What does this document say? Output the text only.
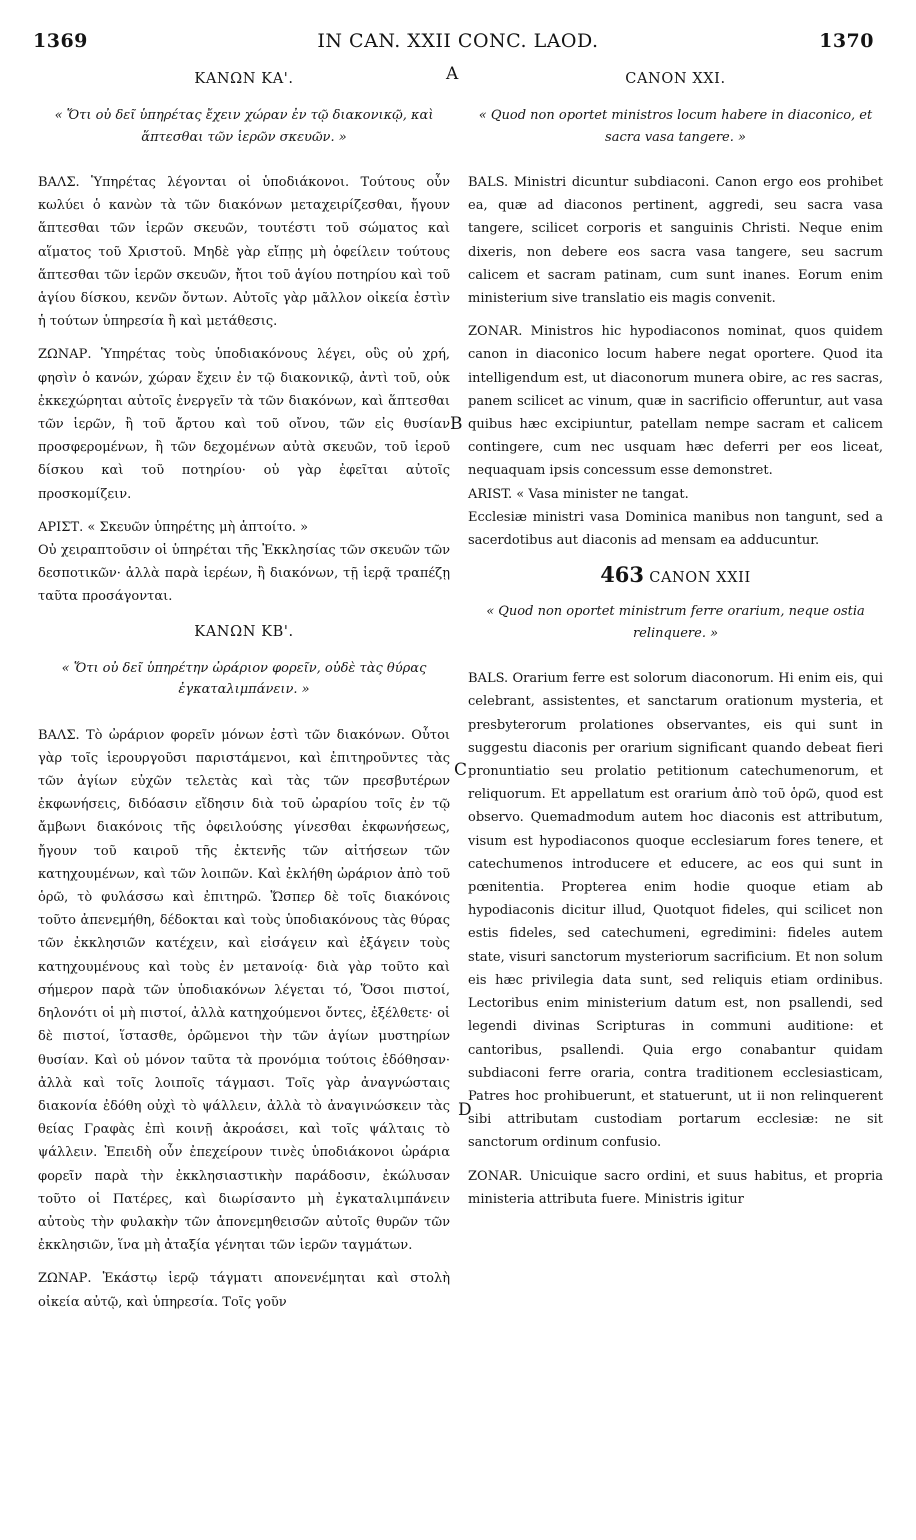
1369	IN CAN. XXII CONC. LAOD.	1370
A
B
C
D
ΚΑΝΩΝ ΚΑ'.

« Ὅτι οὐ δεῖ ὑπηρέτας ἔχειν χώραν ἐν τῷ διακονικῷ, καὶ ἅπτεσθαι τῶν ἱερῶν σκευῶν. »

ΒΑΛΣ. Ὑπηρέτας λέγονται οἱ ὑποδιάκονοι. Τούτους οὖν κωλύει ὁ κανὼν τὰ τῶν διακόνων μεταχειρίζεσθαι, ἤγουν ἅπτεσθαι τῶν ἱερῶν σκευῶν, τουτέστι τοῦ σώματος καὶ αἵματος τοῦ Χριστοῦ. Μηδὲ γὰρ εἴπῃς μὴ ὀφείλειν τούτους ἅπτεσθαι τῶν ἱερῶν σκευῶν, ἤτοι τοῦ ἁγίου ποτηρίου καὶ τοῦ ἁγίου δίσκου, κενῶν ὄντων. Αὐτοῖς γὰρ μᾶλλον οἰκεία ἐστὶν ἡ τούτων ὑπηρεσία ἢ καὶ μετάθεσις.

ΖΩΝΑΡ. Ὑπηρέτας τοὺς ὑποδιακόνους λέγει, οὓς οὐ χρή, φησὶν ὁ κανών, χώραν ἔχειν ἐν τῷ διακονικῷ, ἀντὶ τοῦ, οὐκ ἐκκεχώρηται αὐτοῖς ἐνεργεῖν τὰ τῶν διακόνων, καὶ ἅπτεσθαι τῶν ἱερῶν, ἢ τοῦ ἄρτου καὶ τοῦ οἴνου, τῶν εἰς θυσίαν προσφερομένων, ἢ τῶν δεχομένων αὐτὰ σκευῶν, τοῦ ἱεροῦ δίσκου καὶ τοῦ ποτηρίου· οὐ γὰρ ἐφεῖται αὐτοῖς προσκομίζειν.

ΑΡΙΣΤ. « Σκευῶν ὑπηρέτης μὴ ἁπτοίτο. »

Οὐ χειραπτοῦσιν οἱ ὑπηρέται τῆς Ἐκκλησίας τῶν σκευῶν τῶν δεσποτικῶν· ἀλλὰ παρὰ ἱερέων, ἢ διακόνων, τῇ ἱερᾷ τραπέζῃ ταῦτα προσάγονται.

ΚΑΝΩΝ ΚΒ'.

« Ὅτι οὐ δεῖ ὑπηρέτην ὠράριον φορεῖν, οὐδὲ τὰς θύρας ἐγκαταλιμπάνειν. »

ΒΑΛΣ. Τὸ ὠράριον φορεῖν μόνων ἐστὶ τῶν διακόνων. Οὗτοι γὰρ τοῖς ἱερουργοῦσι παριστάμενοι, καὶ ἐπιτηροῦντες τὰς τῶν ἁγίων εὐχῶν τελετὰς καὶ τὰς τῶν πρεσβυτέρων ἐκφωνήσεις, διδόασιν εἴδησιν διὰ τοῦ ὠραρίου τοῖς ἐν τῷ ἄμβωνι διακόνοις τῆς ὀφειλούσης γίνεσθαι ἐκφωνήσεως, ἤγουν τοῦ καιροῦ τῆς ἐκτενῆς τῶν αἰτήσεων τῶν κατηχουμένων, καὶ τῶν λοιπῶν. Καὶ ἐκλήθη ὠράριον ἀπὸ τοῦ ὁρῶ, τὸ φυλάσσω καὶ ἐπιτηρῶ. Ὥσπερ δὲ τοῖς διακόνοις τοῦτο ἀπενεμήθη, δέδοκται καὶ τοὺς ὑποδιακόνους τὰς θύρας τῶν ἐκκλησιῶν κατέχειν, καὶ εἰσάγειν καὶ ἐξάγειν τοὺς κατηχουμένους καὶ τοὺς ἐν μετανοίᾳ· διὰ γὰρ τοῦτο καὶ σήμερον παρὰ τῶν ὑποδιακόνων λέγεται τό, Ὅσοι πιστοί, δηλονότι οἱ μὴ πιστοί, ἀλλὰ κατηχούμενοι ὄντες, ἐξέλθετε· οἱ δὲ πιστοί, ἵστασθε, ὁρῶμενοι τὴν τῶν ἁγίων μυστηρίων θυσίαν. Καὶ οὐ μόνον ταῦτα τὰ προνόμια τούτοις ἐδόθησαν· ἀλλὰ καὶ τοῖς λοιποῖς τάγμασι. Τοῖς γὰρ ἀναγνώσταις διακονία ἐδόθη οὐχὶ τὸ ψάλλειν, ἀλλὰ τὸ ἀναγινώσκειν τὰς θείας Γραφὰς ἐπὶ κοινῇ ἀκροάσει, καὶ τοῖς ψάλταις τὸ ψάλλειν. Ἐπειδὴ οὖν ἐπεχείρουν τινὲς ὑποδιάκονοι ὠράρια φορεῖν παρὰ τὴν ἐκκλησιαστικὴν παράδοσιν, ἐκώλυσαν τοῦτο οἱ Πατέρες, καὶ διωρίσαντο μὴ ἐγκαταλιμπάνειν αὐτοὺς τὴν φυλακὴν τῶν ἀπονεμηθεισῶν αὐτοῖς θυρῶν τῶν ἐκκλησιῶν, ἵνα μὴ ἀταξία γένηται τῶν ἱερῶν ταγμάτων.

ΖΩΝΑΡ. Ἑκάστῳ ἱερῷ τάγματι απονενέμηται καὶ στολὴ οἰκεία αὐτῷ, καὶ ὑπηρεσία. Τοῖς γοῦν

CANON XXI.

« Quod non oportet ministros locum habere in diaconico, et sacra vasa tangere. »

BALS. Ministri dicuntur subdiaconi. Canon ergo eos prohibet ea, quæ ad diaconos pertinent, aggredi, seu sacra vasa tangere, scilicet corporis et sanguinis Christi. Neque enim dixeris, non debere eos sacra vasa tangere, seu sacrum calicem et sacram patinam, cum sunt inanes. Eorum enim ministerium sive translatio eis magis convenit.

ZONAR. Ministros hic hypodiaconos nominat, quos quidem canon in diaconico locum habere negat oportere. Quod ita intelligendum est, ut diaconorum munera obire, ac res sacras, panem scilicet ac vinum, quæ in sacrificio offeruntur, aut vasa quibus hæc excipiuntur, patellam nempe sacram et calicem contingere, cum nec usquam hæc deferri per eos liceat, nequaquam ipsis concessum esse demonstret.

ARIST. « Vasa minister ne tangat.

Ecclesiæ ministri vasa Dominica manibus non tangunt, sed a sacerdotibus aut diaconis ad mensam ea adducuntur.

463 CANON XXII

« Quod non oportet ministrum ferre orarium, neque ostia relinquere. »

BALS. Orarium ferre est solorum diaconorum. Hi enim eis, qui celebrant, assistentes, et sanctarum orationum mysteria, et presbyterorum prolationes observantes, eis qui sunt in suggestu diaconis per orarium significant quando debeat fieri pronuntiatio seu prolatio petitionum catechumenorum, et reliquorum. Et appellatum est orarium ἀπὸ τοῦ ὁρῶ, quod est observo. Quemadmodum autem hoc diaconis est attributum, visum est hypodiaconos quoque ecclesiarum fores tenere, et catechumenos introducere et educere, ac eos qui sunt in pœnitentia. Propterea enim hodie quoque etiam ab hypodiaconis dicitur illud, Quotquot fideles, qui scilicet non estis fideles, sed catechumeni, egredimini: fideles autem state, visuri sanctorum mysteriorum sacrificium. Et non solum eis hæc privilegia data sunt, sed reliquis etiam ordinibus. Lectoribus enim ministerium datum est, non psallendi, sed legendi divinas Scripturas in communi auditione: et cantoribus, psallendi. Quia ergo conabantur quidam subdiaconi ferre oraria, contra traditionem ecclesiasticam, Patres hoc prohibuerunt, et statuerunt, ut ii non relinquerent sibi attributam custodiam portarum ecclesiæ: ne sit sanctorum ordinum confusio.

ZONAR. Unicuique sacro ordini, et suus habitus, et propria ministeria attributa fuere. Ministris igitur
